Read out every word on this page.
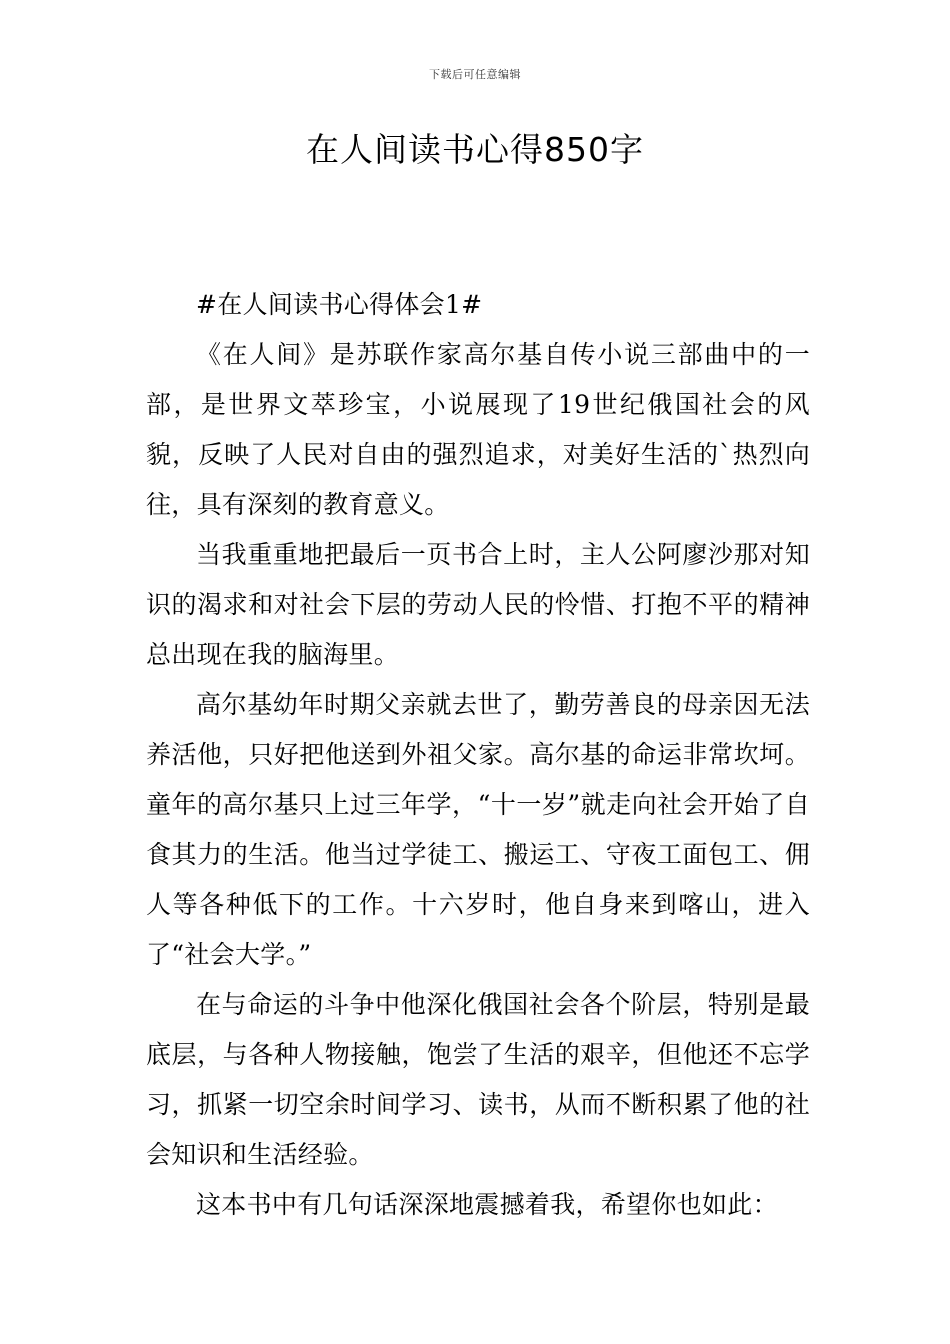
下载后可任意编辑
在人间读书心得850字

#在人间读书心得体会1#

《在人间》是苏联作家高尔基自传小说三部曲中的一部，是世界文萃珍宝，小说展现了19世纪俄国社会的风貌，反映了人民对自由的强烈追求，对美好生活的`热烈向往，具有深刻的教育意义。

当我重重地把最后一页书合上时，主人公阿廖沙那对知识的渴求和对社会下层的劳动人民的怜惜、打抱不平的精神总出现在我的脑海里。

高尔基幼年时期父亲就去世了，勤劳善良的母亲因无法养活他，只好把他送到外祖父家。高尔基的命运非常坎坷。童年的高尔基只上过三年学，“十一岁”就走向社会开始了自食其力的生活。他当过学徒工、搬运工、守夜工面包工、佣人等各种低下的工作。十六岁时，他自身来到喀山，进入了“社会大学。”

在与命运的斗争中他深化俄国社会各个阶层，特别是最底层，与各种人物接触，饱尝了生活的艰辛，但他还不忘学习，抓紧一切空余时间学习、读书，从而不断积累了他的社会知识和生活经验。

这本书中有几句话深深地震撼着我，希望你也如此：
